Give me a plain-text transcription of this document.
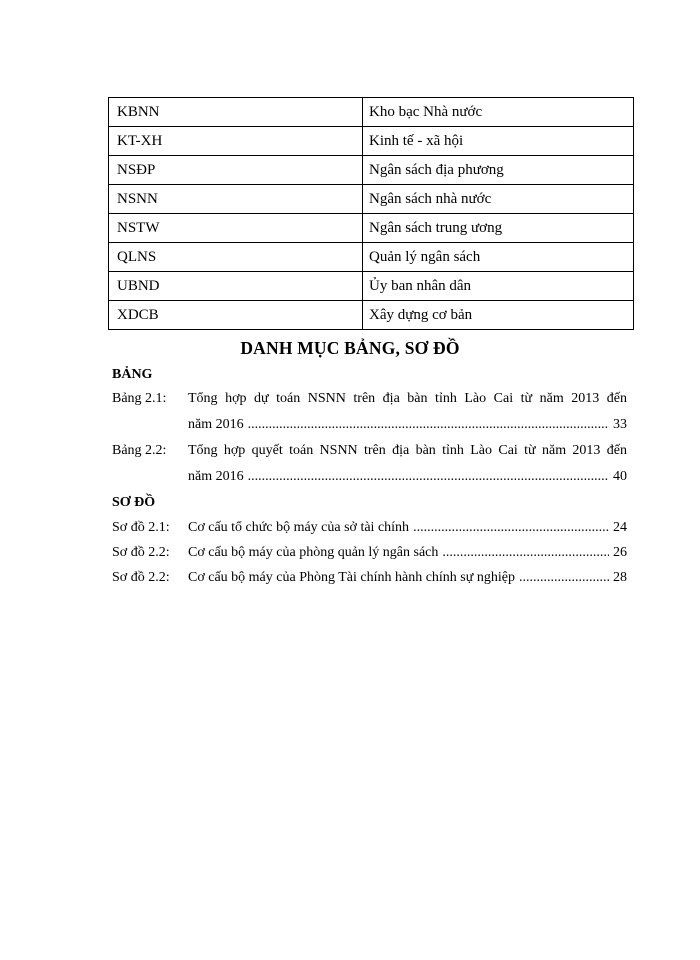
KBNN	Kho bạc Nhà nước
KT-XH	Kinh tế - xã hội
NSĐP	Ngân sách địa phương
NSNN	Ngân sách nhà nước
NSTW	Ngân sách trung ương
QLNS	Quản lý ngân sách
UBND	Ủy ban nhân dân
XDCB	Xây dựng cơ bản
DANH MỤC BẢNG, SƠ ĐỒ
BẢNG
Bảng 2.1: Tổng hợp dự toán NSNN trên địa bàn tỉnh Lào Cai từ năm 2013 đến
năm 2016 .....	33
Bảng 2.2: Tổng hợp quyết toán NSNN trên địa bàn tỉnh Lào Cai từ năm 2013 đến
năm 2016 .....	40
SƠ ĐỒ
Sơ đồ 2.1: Cơ cấu tổ chức bộ máy của sở tài chính .....	24
Sơ đồ 2.2: Cơ cấu bộ máy của phòng quản lý ngân sách .....	26
Sơ đồ 2.2: Cơ cấu bộ máy của Phòng Tài chính hành chính sự nghiệp .....	28
